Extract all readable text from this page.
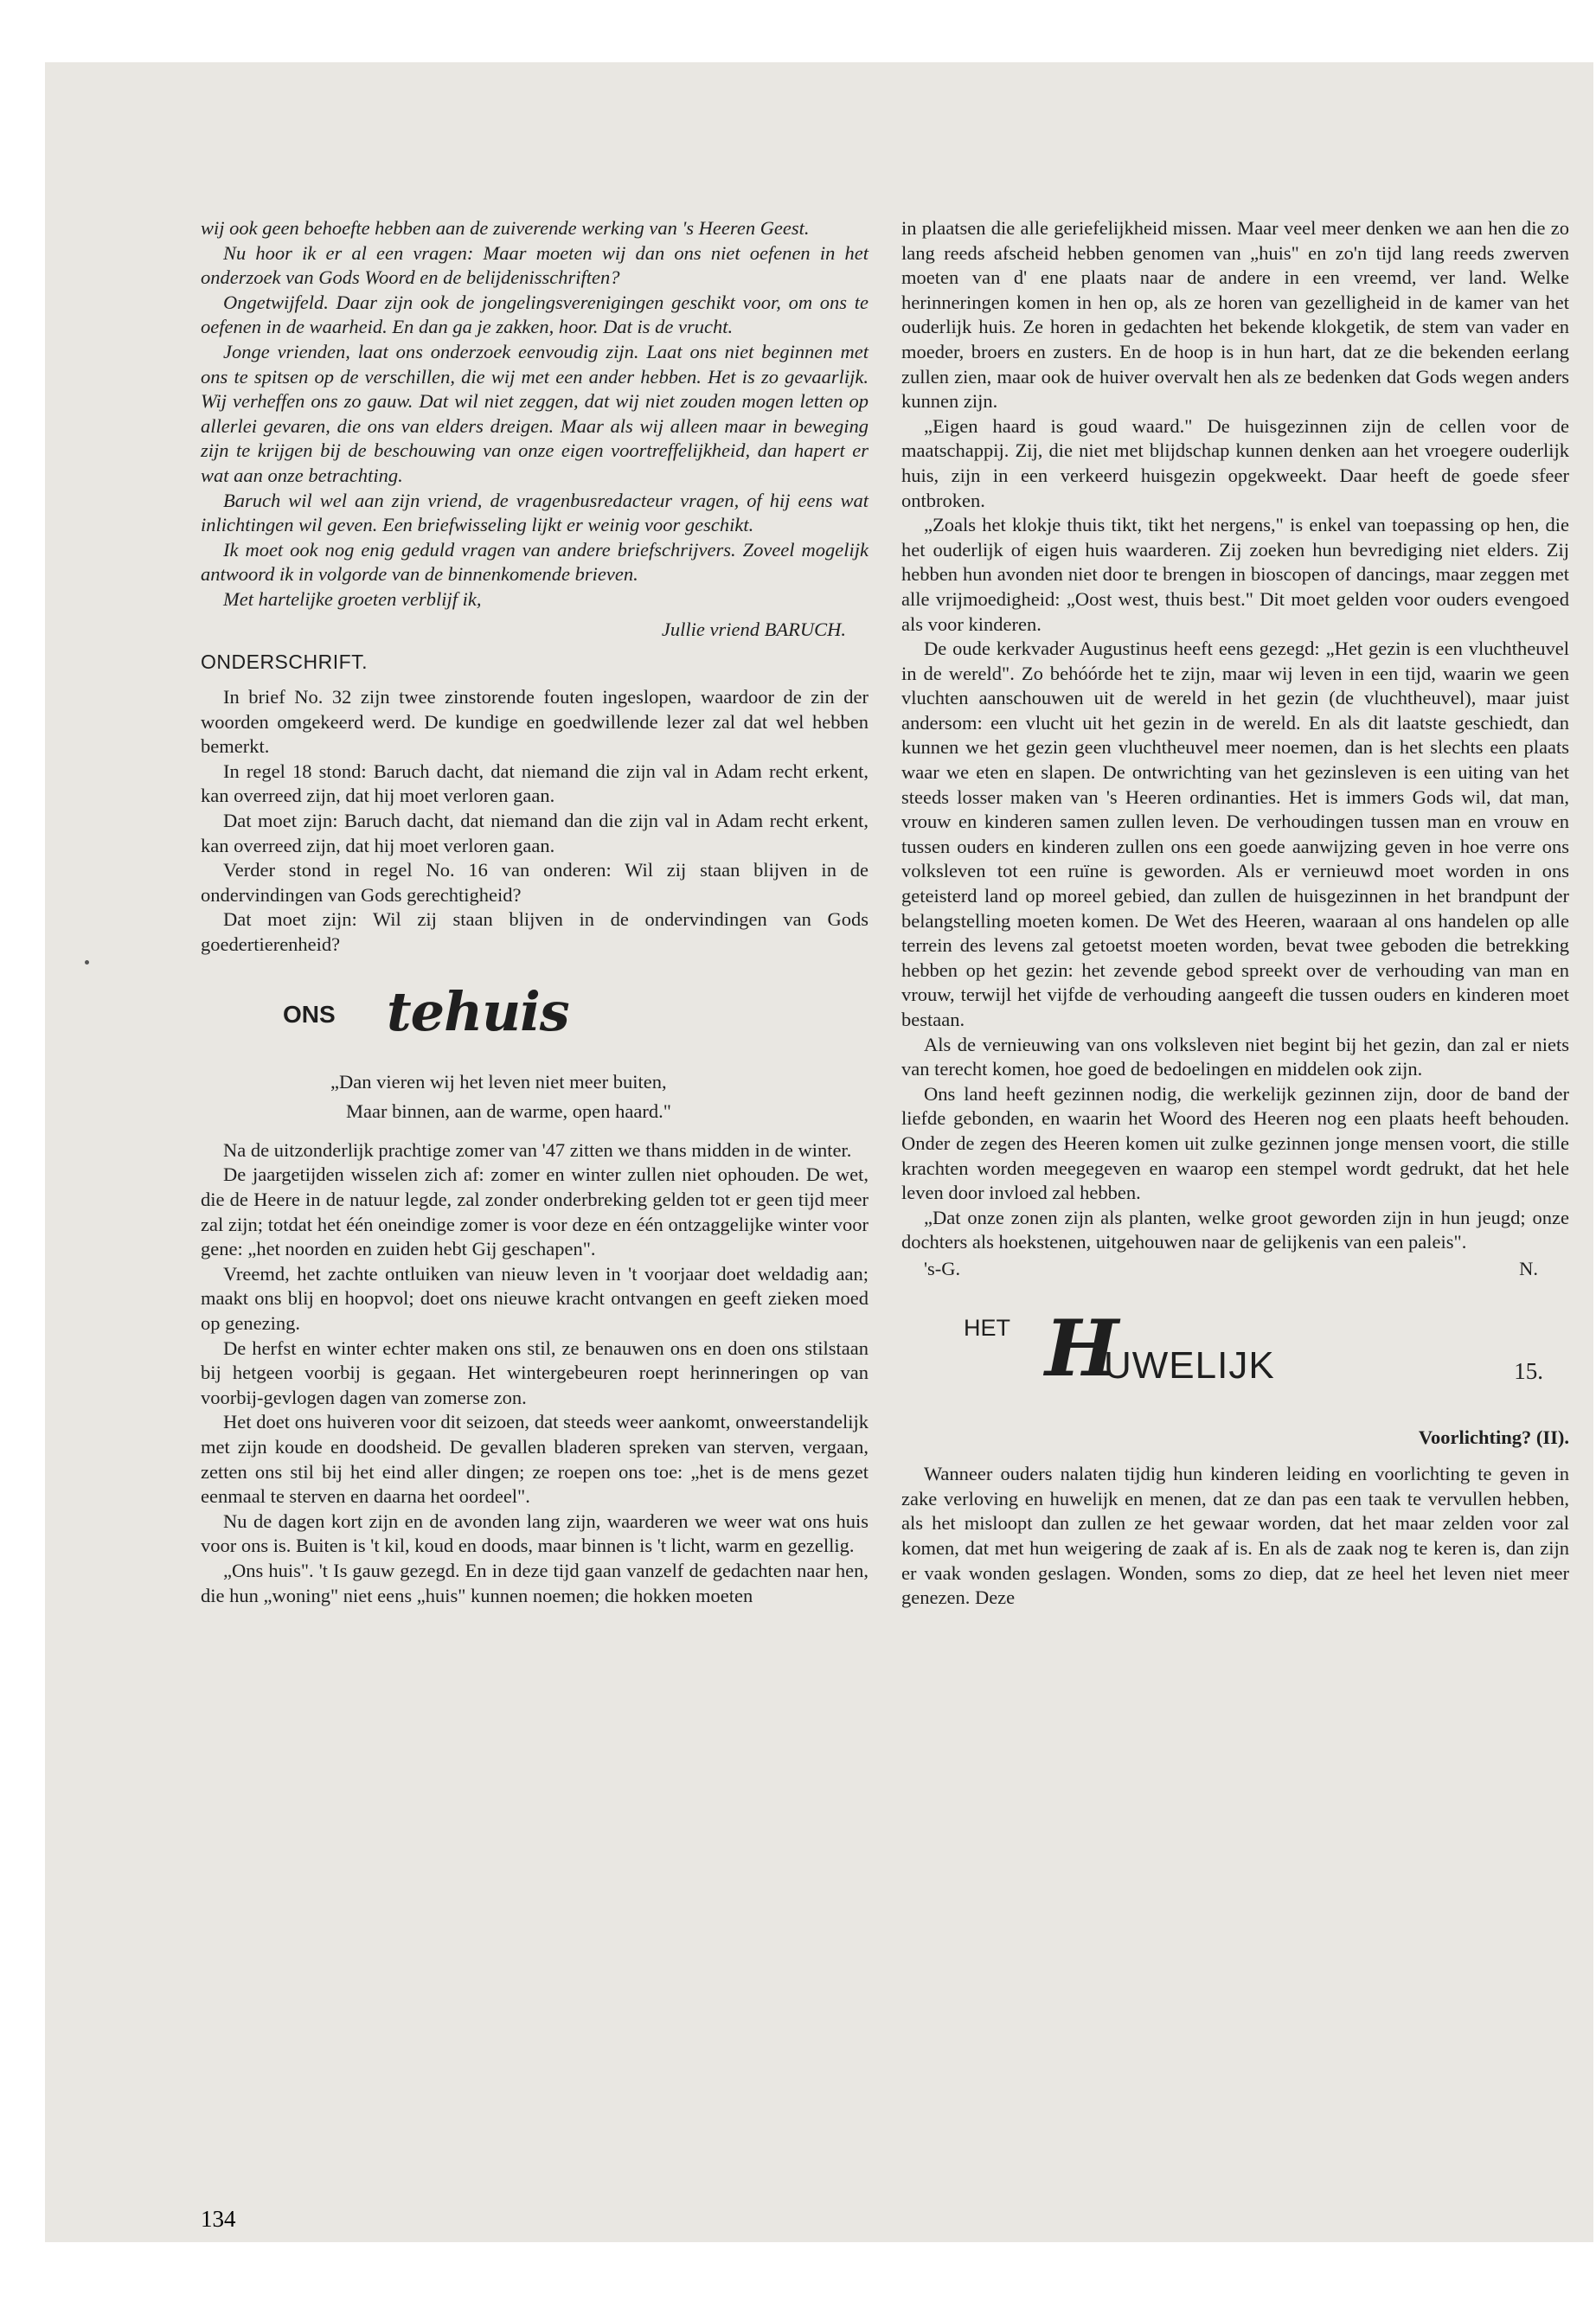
wij ook geen behoefte hebben aan de zuiverende werking van 's Heeren Geest.

Nu hoor ik er al een vragen: Maar moeten wij dan ons niet oefenen in het onderzoek van Gods Woord en de belijdenisschriften?

Ongetwijfeld. Daar zijn ook de jongelingsverenigingen geschikt voor, om ons te oefenen in de waarheid. En dan ga je zakken, hoor. Dat is de vrucht.

Jonge vrienden, laat ons onderzoek eenvoudig zijn. Laat ons niet beginnen met ons te spitsen op de verschillen, die wij met een ander hebben. Het is zo gevaarlijk. Wij verheffen ons zo gauw. Dat wil niet zeggen, dat wij niet zouden mogen letten op allerlei gevaren, die ons van elders dreigen. Maar als wij alleen maar in beweging zijn te krijgen bij de beschouwing van onze eigen voortreffelijkheid, dan hapert er wat aan onze betrachting.

Baruch wil wel aan zijn vriend, de vragenbusredacteur vragen, of hij eens wat inlichtingen wil geven. Een briefwisseling lijkt er weinig voor geschikt.

Ik moet ook nog enig geduld vragen van andere briefschrijvers. Zoveel mogelijk antwoord ik in volgorde van de binnenkomende brieven.

Met hartelijke groeten verblijf ik,

Jullie vriend BARUCH.

ONDERSCHRIFT.

In brief No. 32 zijn twee zinstorende fouten ingeslopen, waardoor de zin der woorden omgekeerd werd. De kundige en goedwillende lezer zal dat wel hebben bemerkt.

In regel 18 stond: Baruch dacht, dat niemand die zijn val in Adam recht erkent, kan overreed zijn, dat hij moet verloren gaan.

Dat moet zijn: Baruch dacht, dat niemand dan die zijn val in Adam recht erkent, kan overreed zijn, dat hij moet verloren gaan.

Verder stond in regel No. 16 van onderen: Wil zij staan blijven in de ondervindingen van Gods gerechtigheid?

Dat moet zijn: Wil zij staan blijven in de ondervindingen van Gods goedertierenheid?

ONS tehuis

„Dan vieren wij het leven niet meer buiten,

Maar binnen, aan de warme, open haard."

Na de uitzonderlijk prachtige zomer van '47 zitten we thans midden in de winter.

De jaargetijden wisselen zich af: zomer en winter zullen niet ophouden. De wet, die de Heere in de natuur legde, zal zonder onderbreking gelden tot er geen tijd meer zal zijn; totdat het één oneindige zomer is voor deze en één ontzaggelijke winter voor gene: „het noorden en zuiden hebt Gij geschapen".

Vreemd, het zachte ontluiken van nieuw leven in 't voorjaar doet weldadig aan; maakt ons blij en hoopvol; doet ons nieuwe kracht ontvangen en geeft zieken moed op genezing.

De herfst en winter echter maken ons stil, ze benauwen ons en doen ons stilstaan bij hetgeen voorbij is gegaan. Het wintergebeuren roept herinneringen op van voorbij-gevlogen dagen van zomerse zon.

Het doet ons huiveren voor dit seizoen, dat steeds weer aankomt, onweerstandelijk met zijn koude en doodsheid. De gevallen bladeren spreken van sterven, vergaan, zetten ons stil bij het eind aller dingen; ze roepen ons toe: „het is de mens gezet eenmaal te sterven en daarna het oordeel".

Nu de dagen kort zijn en de avonden lang zijn, waarderen we weer wat ons huis voor ons is. Buiten is 't kil, koud en doods, maar binnen is 't licht, warm en gezellig.

„Ons huis". 't Is gauw gezegd. En in deze tijd gaan vanzelf de gedachten naar hen, die hun „woning" niet eens „huis" kunnen noemen; die hokken moeten

in plaatsen die alle geriefelijkheid missen. Maar veel meer denken we aan hen die zo lang reeds afscheid hebben genomen van „huis" en zo'n tijd lang reeds zwerven moeten van d' ene plaats naar de andere in een vreemd, ver land. Welke herinneringen komen in hen op, als ze horen van gezelligheid in de kamer van het ouderlijk huis. Ze horen in gedachten het bekende klokgetik, de stem van vader en moeder, broers en zusters. En de hoop is in hun hart, dat ze die bekenden eerlang zullen zien, maar ook de huiver overvalt hen als ze bedenken dat Gods wegen anders kunnen zijn.

„Eigen haard is goud waard." De huisgezinnen zijn de cellen voor de maatschappij. Zij, die niet met blijdschap kunnen denken aan het vroegere ouderlijk huis, zijn in een verkeerd huisgezin opgekweekt. Daar heeft de goede sfeer ontbroken.

„Zoals het klokje thuis tikt, tikt het nergens," is enkel van toepassing op hen, die het ouderlijk of eigen huis waarderen. Zij zoeken hun bevrediging niet elders. Zij hebben hun avonden niet door te brengen in bioscopen of dancings, maar zeggen met alle vrijmoedigheid: „Oost west, thuis best." Dit moet gelden voor ouders evengoed als voor kinderen.

De oude kerkvader Augustinus heeft eens gezegd: „Het gezin is een vluchtheuvel in de wereld". Zo behóórde het te zijn, maar wij leven in een tijd, waarin we geen vluchten aanschouwen uit de wereld in het gezin (de vluchtheuvel), maar juist andersom: een vlucht uit het gezin in de wereld. En als dit laatste geschiedt, dan kunnen we het gezin geen vluchtheuvel meer noemen, dan is het slechts een plaats waar we eten en slapen. De ontwrichting van het gezinsleven is een uiting van het steeds losser maken van 's Heeren ordinanties. Het is immers Gods wil, dat man, vrouw en kinderen samen zullen leven. De verhoudingen tussen man en vrouw en tussen ouders en kinderen zullen ons een goede aanwijzing geven in hoe verre ons volksleven tot een ruïne is geworden. Als er vernieuwd moet worden in ons geteisterd land op moreel gebied, dan zullen de huisgezinnen in het brandpunt der belangstelling moeten komen. De Wet des Heeren, waaraan al ons handelen op alle terrein des levens zal getoetst moeten worden, bevat twee geboden die betrekking hebben op het gezin: het zevende gebod spreekt over de verhouding van man en vrouw, terwijl het vijfde de verhouding aangeeft die tussen ouders en kinderen moet bestaan.

Als de vernieuwing van ons volksleven niet begint bij het gezin, dan zal er niets van terecht komen, hoe goed de bedoelingen en middelen ook zijn.

Ons land heeft gezinnen nodig, die werkelijk gezinnen zijn, door de band der liefde gebonden, en waarin het Woord des Heeren nog een plaats heeft behouden. Onder de zegen des Heeren komen uit zulke gezinnen jonge mensen voort, die stille krachten worden meegegeven en waarop een stempel wordt gedrukt, dat het hele leven door invloed zal hebben.

„Dat onze zonen zijn als planten, welke groot geworden zijn in hun jeugd; onze dochters als hoekstenen, uitgehouwen naar de gelijkenis van een paleis".

's-G.	N.
HET H
UWELIJK	15.

Voorlichting? (II).

Wanneer ouders nalaten tijdig hun kinderen leiding en voorlichting te geven in zake verloving en huwelijk en menen, dat ze dan pas een taak te vervullen hebben, als het misloopt dan zullen ze het gewaar worden, dat het maar zelden voor zal komen, dat met hun weigering de zaak af is. En als de zaak nog te keren is, dan zijn er vaak wonden geslagen. Wonden, soms zo diep, dat ze heel het leven niet meer genezen. Deze

134
